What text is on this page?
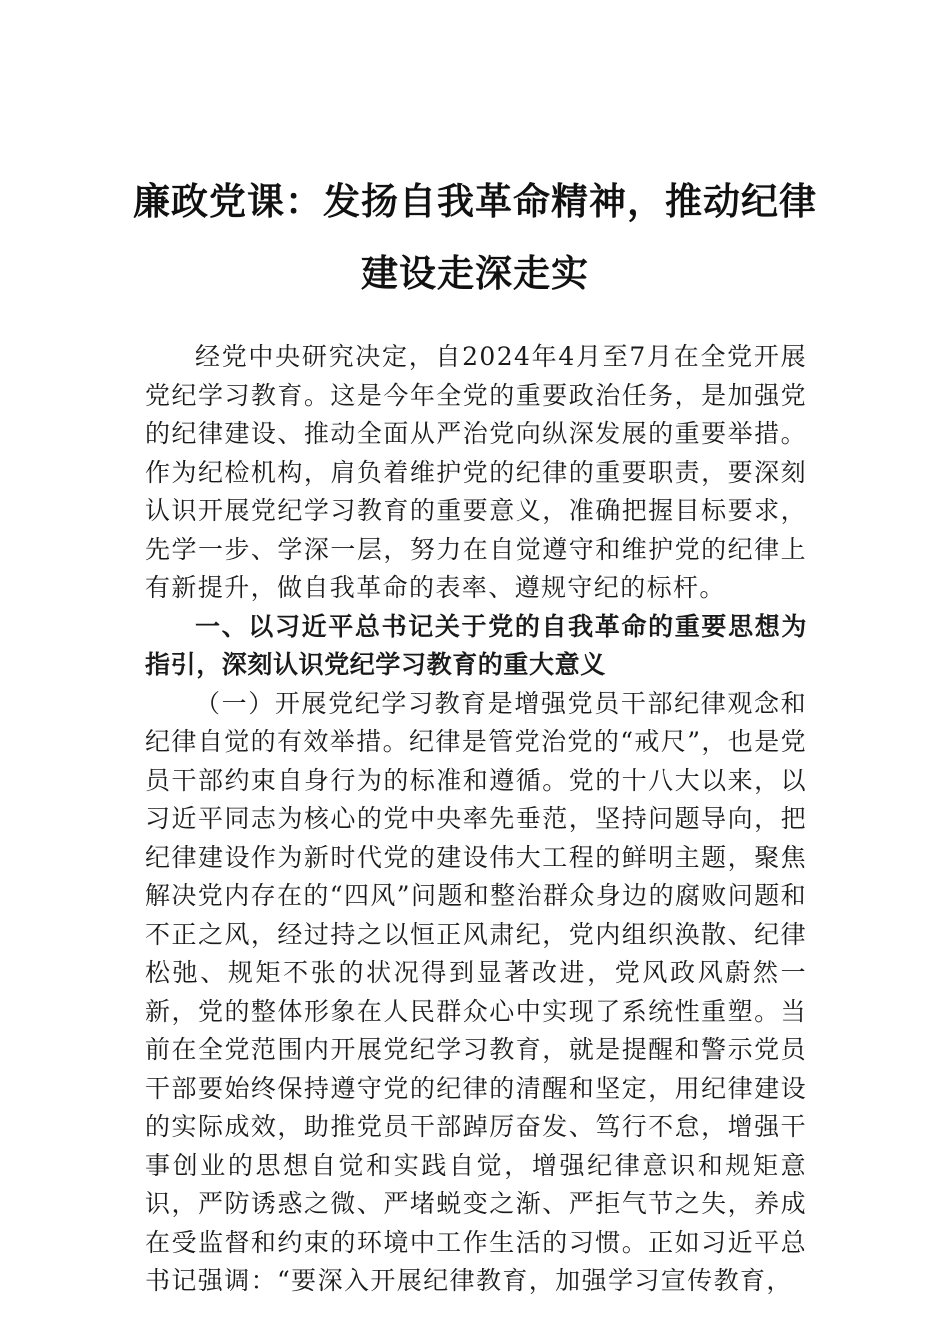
廉政党课：发扬自我革命精神，推动纪律建设走深走实

经党中央研究决定，自2024年4月至7月在全党开展党纪学习教育。这是今年全党的重要政治任务，是加强党的纪律建设、推动全面从严治党向纵深发展的重要举措。作为纪检机构，肩负着维护党的纪律的重要职责，要深刻认识开展党纪学习教育的重要意义，准确把握目标要求，先学一步、学深一层，努力在自觉遵守和维护党的纪律上有新提升，做自我革命的表率、遵规守纪的标杆。

一、以习近平总书记关于党的自我革命的重要思想为指引，深刻认识党纪学习教育的重大意义

（一）开展党纪学习教育是增强党员干部纪律观念和纪律自觉的有效举措。纪律是管党治党的“戒尺”，也是党员干部约束自身行为的标准和遵循。党的十八大以来，以习近平同志为核心的党中央率先垂范，坚持问题导向，把纪律建设作为新时代党的建设伟大工程的鲜明主题，聚焦解决党内存在的“四风”问题和整治群众身边的腐败问题和不正之风，经过持之以恒正风肃纪，党内组织涣散、纪律松弛、规矩不张的状况得到显著改进，党风政风蔚然一新，党的整体形象在人民群众心中实现了系统性重塑。当前在全党范围内开展党纪学习教育，就是提醒和警示党员干部要始终保持遵守党的纪律的清醒和坚定，用纪律建设的实际成效，助推党员干部踔厉奋发、笃行不怠，增强干事创业的思想自觉和实践自觉，增强纪律意识和规矩意识，严防诱惑之微、严堵蜕变之渐、严拒气节之失，养成在受监督和约束的环境中工作生活的习惯。正如习近平总书记强调：“要深入开展纪律教育，加强学习宣传教育，
